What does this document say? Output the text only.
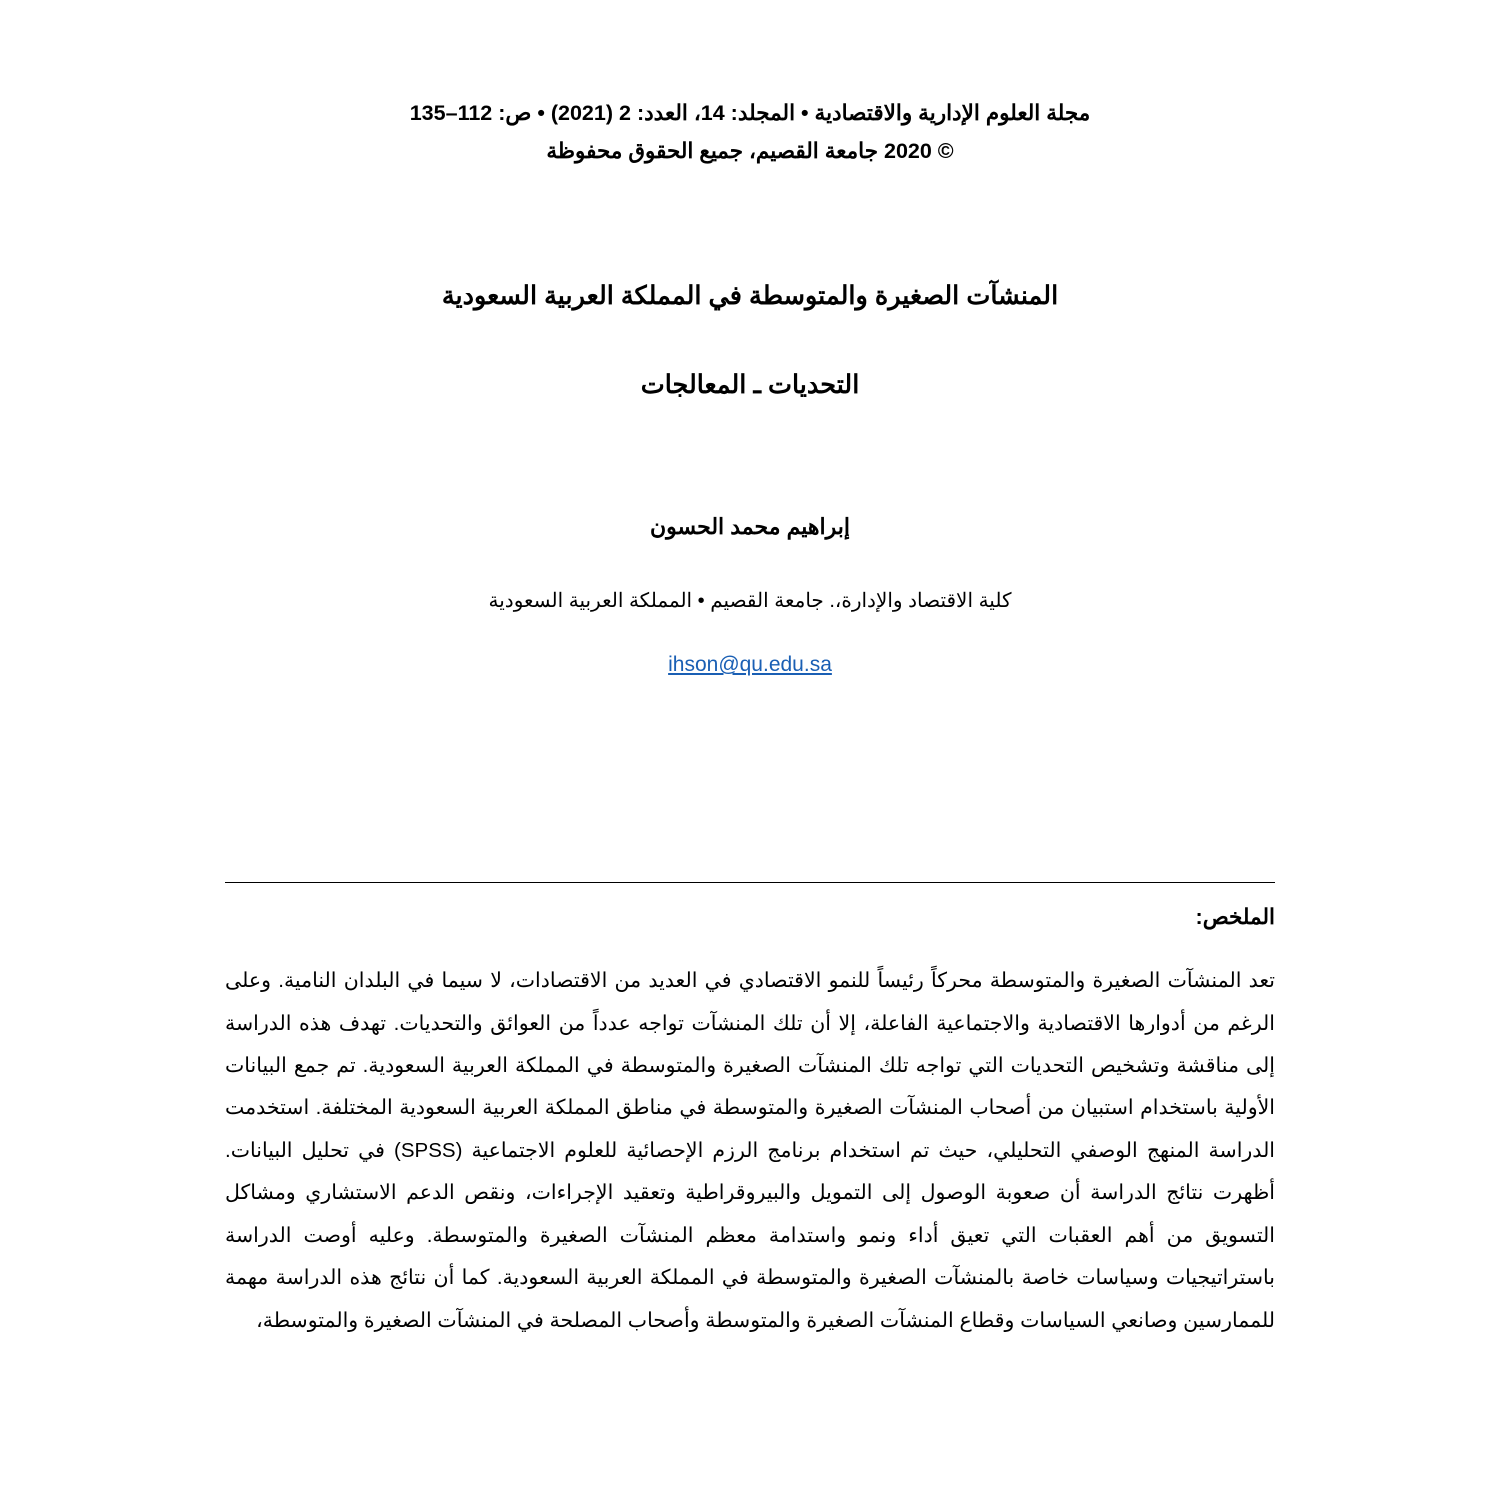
مجلة العلوم الإدارية والاقتصادية • المجلد: 14، العدد: 2 (2021) • ص: 112–135
© 2020 جامعة القصيم، جميع الحقوق محفوظة
المنشآت الصغيرة والمتوسطة في المملكة العربية السعودية
التحديات ـ المعالجات
إبراهيم محمد الحسون
كلية الاقتصاد والإدارة،. جامعة القصيم • المملكة العربية السعودية
ihson@qu.edu.sa
الملخص:
تعد المنشآت الصغيرة والمتوسطة محركاً رئيساً للنمو الاقتصادي في العديد من الاقتصادات، لا سيما في البلدان النامية. وعلى الرغم من أدوارها الاقتصادية والاجتماعية الفاعلة، إلا أن تلك المنشآت تواجه عدداً من العوائق والتحديات. تهدف هذه الدراسة إلى مناقشة وتشخيص التحديات التي تواجه تلك المنشآت الصغيرة والمتوسطة في المملكة العربية السعودية. تم جمع البيانات الأولية باستخدام استبيان من أصحاب المنشآت الصغيرة والمتوسطة في مناطق المملكة العربية السعودية المختلفة. استخدمت الدراسة المنهج الوصفي التحليلي، حيث تم استخدام برنامج الرزم الإحصائية للعلوم الاجتماعية (SPSS) في تحليل البيانات. أظهرت نتائج الدراسة أن صعوبة الوصول إلى التمويل والبيروقراطية وتعقيد الإجراءات، ونقص الدعم الاستشاري ومشاكل التسويق من أهم العقبات التي تعيق أداء ونمو واستدامة معظم المنشآت الصغيرة والمتوسطة. وعليه أوصت الدراسة باستراتيجيات وسياسات خاصة بالمنشآت الصغيرة والمتوسطة في المملكة العربية السعودية. كما أن نتائج هذه الدراسة مهمة للممارسين وصانعي السياسات وقطاع المنشآت الصغيرة والمتوسطة وأصحاب المصلحة في المنشآت الصغيرة والمتوسطة،
